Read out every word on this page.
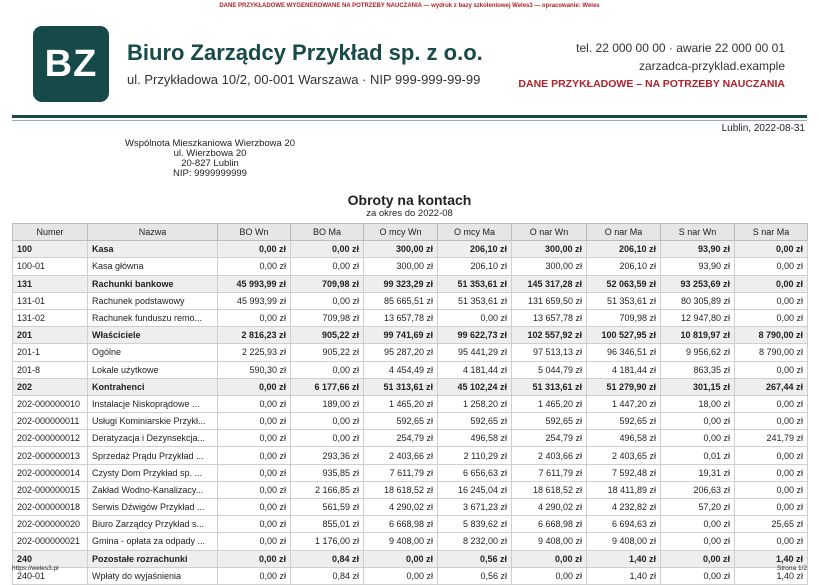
DANE PRZYKŁADOWE WYGENEROWANE NA POTRZEBY NAUCZANIA — wydruk z bazy szkoleniowej Weles3 — opracowanie: Weles
BZ	Biuro Zarządcy Przykład sp. z o.o.
ul. Przykładowa 10/2, 00-001 Warszawa · NIP 999-999-99-99
tel. 22 000 00 00 · awarie 22 000 00 01
zarzadca-przyklad.example
DANE PRZYKŁADOWE – NA POTRZEBY NAUCZANIA
Lublin, 2022-08-31
Wspólnota Mieszkaniowa Wierzbowa 20
ul. Wierzbowa 20
20-827 Lublin
NIP: 9999999999
Obroty na kontach
za okres do 2022-08
Numer	Nazwa	BO Wn	BO Ma	O mcy Wn	O mcy Ma	O nar Wn	O nar Ma	S nar Wn	S nar Ma
100	Kasa	0,00 zł	0,00 zł	300,00 zł	206,10 zł	300,00 zł	206,10 zł	93,90 zł	0,00 zł
100-01	Kasa główna	0,00 zł	0,00 zł	300,00 zł	206,10 zł	300,00 zł	206,10 zł	93,90 zł	0,00 zł
131	Rachunki bankowe	45 993,99 zł	709,98 zł	99 323,29 zł	51 353,61 zł	145 317,28 zł	52 063,59 zł	93 253,69 zł	0,00 zł
131-01	Rachunek podstawowy	45 993,99 zł	0,00 zł	85 665,51 zł	51 353,61 zł	131 659,50 zł	51 353,61 zł	80 305,89 zł	0,00 zł
131-02	Rachunek funduszu remo...	0,00 zł	709,98 zł	13 657,78 zł	0,00 zł	13 657,78 zł	709,98 zł	12 947,80 zł	0,00 zł
201	Właściciele	2 816,23 zł	905,22 zł	99 741,69 zł	99 622,73 zł	102 557,92 zł	100 527,95 zł	10 819,97 zł	8 790,00 zł
201-1	Ogólne	2 225,93 zł	905,22 zł	95 287,20 zł	95 441,29 zł	97 513,13 zł	96 346,51 zł	9 956,62 zł	8 790,00 zł
201-8	Lokale użytkowe	590,30 zł	0,00 zł	4 454,49 zł	4 181,44 zł	5 044,79 zł	4 181,44 zł	863,35 zł	0,00 zł
202	Kontrahenci	0,00 zł	6 177,66 zł	51 313,61 zł	45 102,24 zł	51 313,61 zł	51 279,90 zł	301,15 zł	267,44 zł
202-000000010	Instalacje Niskoprądowe ...	0,00 zł	189,00 zł	1 465,20 zł	1 258,20 zł	1 465,20 zł	1 447,20 zł	18,00 zł	0,00 zł
202-000000011	Usługi Kominiarskie Przykł...	0,00 zł	0,00 zł	592,65 zł	592,65 zł	592,65 zł	592,65 zł	0,00 zł	0,00 zł
202-000000012	Deratyzacja i Dezynsekcja...	0,00 zł	0,00 zł	254,79 zł	496,58 zł	254,79 zł	496,58 zł	0,00 zł	241,79 zł
202-000000013	Sprzedaż Prądu Przykład ...	0,00 zł	293,36 zł	2 403,66 zł	2 110,29 zł	2 403,66 zł	2 403,65 zł	0,01 zł	0,00 zł
202-000000014	Czysty Dom Przykład sp. ...	0,00 zł	935,85 zł	7 611,79 zł	6 656,63 zł	7 611,79 zł	7 592,48 zł	19,31 zł	0,00 zł
202-000000015	Zakład Wodno-Kanalizacy...	0,00 zł	2 166,85 zł	18 618,52 zł	16 245,04 zł	18 618,52 zł	18 411,89 zł	206,63 zł	0,00 zł
202-000000018	Serwis Dźwigów Przykład ...	0,00 zł	561,59 zł	4 290,02 zł	3 671,23 zł	4 290,02 zł	4 232,82 zł	57,20 zł	0,00 zł
202-000000020	Biuro Zarządcy Przykład s...	0,00 zł	855,01 zł	6 668,98 zł	5 839,62 zł	6 668,98 zł	6 694,63 zł	0,00 zł	25,65 zł
202-000000021	Gmina - opłata za odpady ...	0,00 zł	1 176,00 zł	9 408,00 zł	8 232,00 zł	9 408,00 zł	9 408,00 zł	0,00 zł	0,00 zł
240	Pozostałe rozrachunki	0,00 zł	0,84 zł	0,00 zł	0,56 zł	0,00 zł	1,40 zł	0,00 zł	1,40 zł
240-01	Wpłaty do wyjaśnienia	0,00 zł	0,84 zł	0,00 zł	0,56 zł	0,00 zł	1,40 zł	0,00 zł	1,40 zł
https://weles3.pl	Strona 1/2
